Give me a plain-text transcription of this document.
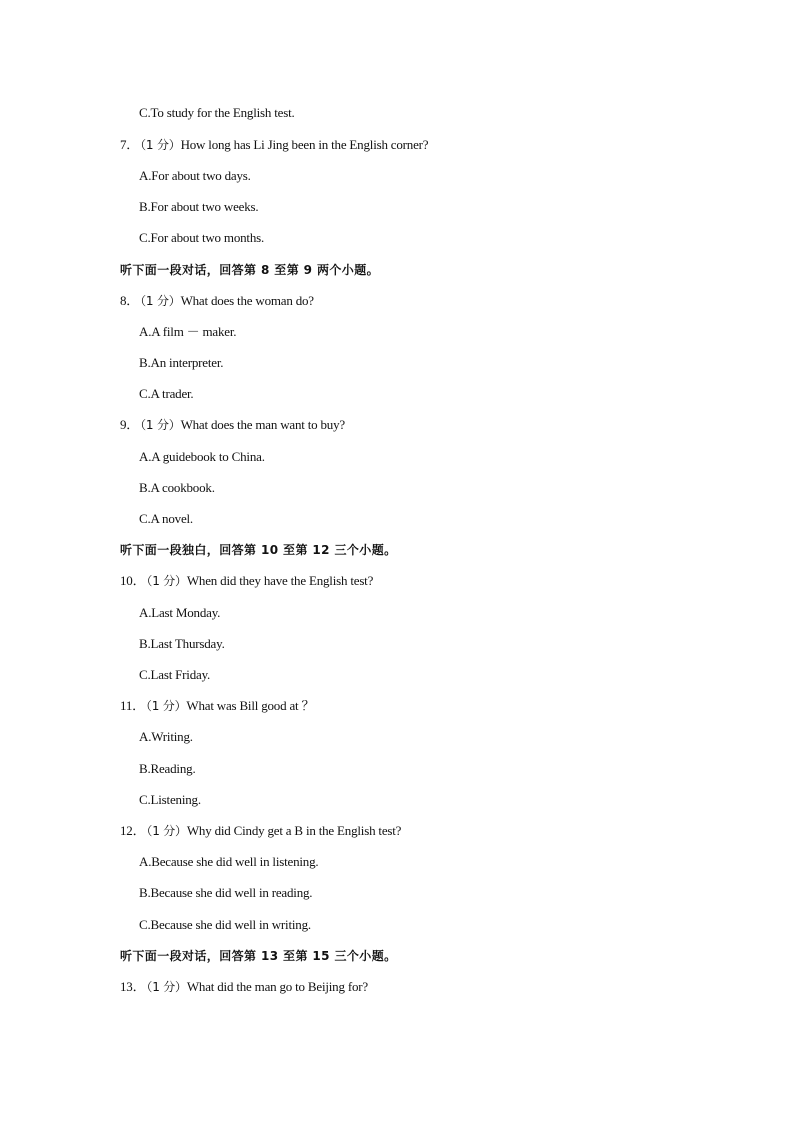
C.To study for the English test.
7．（1 分）How long has Li Jing been in the English corner?
A.For about two days.
B.For about two weeks.
C.For about two months.
听下面一段对话，回答第 8 至第 9 两个小题。
8．（1 分）What does the woman do?
A.A film － maker.
B.An interpreter.
C.A trader.
9．（1 分）What does the man want to buy?
A.A guidebook to China.
B.A cookbook.
C.A novel.
听下面一段独白，回答第 10 至第 12 三个小题。
10．（1 分）When did they have the English test?
A.Last Monday.
B.Last Thursday.
C.Last Friday.
11．（1 分）What was Bill good at ？
A.Writing.
B.Reading.
C.Listening.
12．（1 分）Why did Cindy get a B in the English test?
A.Because she did well in listening.
B.Because she did well in reading.
C.Because she did well in writing.
听下面一段对话，回答第 13 至第 15 三个小题。
13．（1 分）What did the man go to Beijing for?
